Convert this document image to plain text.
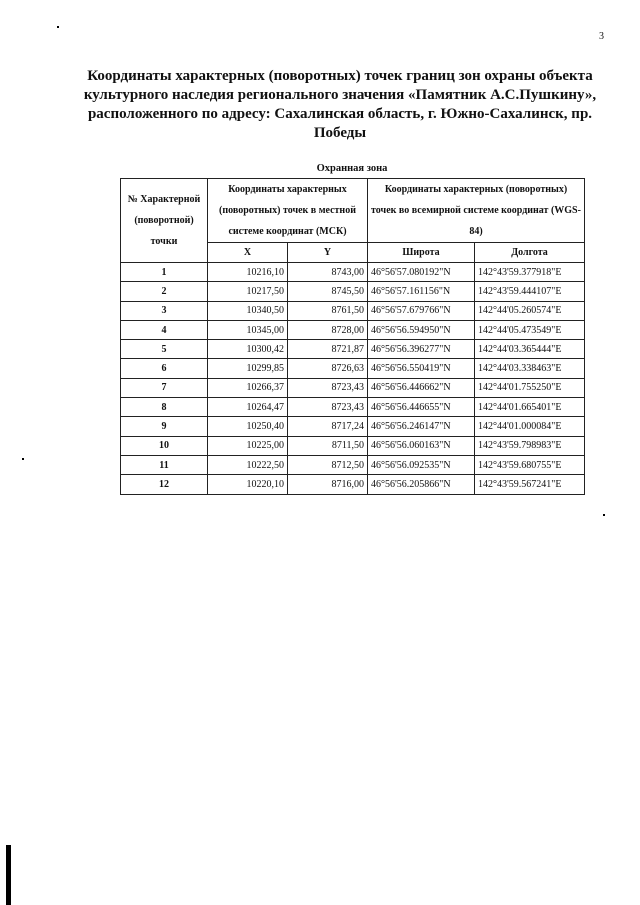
3
Координаты характерных (поворотных) точек границ зон охраны объекта культурного наследия регионального значения «Памятник А.С.Пушкину», расположенного по адресу: Сахалинская область, г. Южно-Сахалинск, пр. Победы
Охранная зона
№ Характерной (поворотной) точки	Координаты характерных (поворотных) точек в местной системе координат (МСК)		Координаты характерных (поворотных) точек во всемирной системе координат (WGS-84)	
	X	Y	Широта	Долгота
1	10216,10	8743,00	46°56'57.080192"N	142°43'59.377918"E
2	10217,50	8745,50	46°56'57.161156"N	142°43'59.444107"E
3	10340,50	8761,50	46°56'57.679766"N	142°44'05.260574"E
4	10345,00	8728,00	46°56'56.594950"N	142°44'05.473549"E
5	10300,42	8721,87	46°56'56.396277"N	142°44'03.365444"E
6	10299,85	8726,63	46°56'56.550419"N	142°44'03.338463"E
7	10266,37	8723,43	46°56'56.446662"N	142°44'01.755250"E
8	10264,47	8723,43	46°56'56.446655"N	142°44'01.665401"E
9	10250,40	8717,24	46°56'56.246147"N	142°44'01.000084"E
10	10225,00	8711,50	46°56'56.060163"N	142°43'59.798983"E
11	10222,50	8712,50	46°56'56.092535"N	142°43'59.680755"E
12	10220,10	8716,00	46°56'56.205866"N	142°43'59.567241"E
